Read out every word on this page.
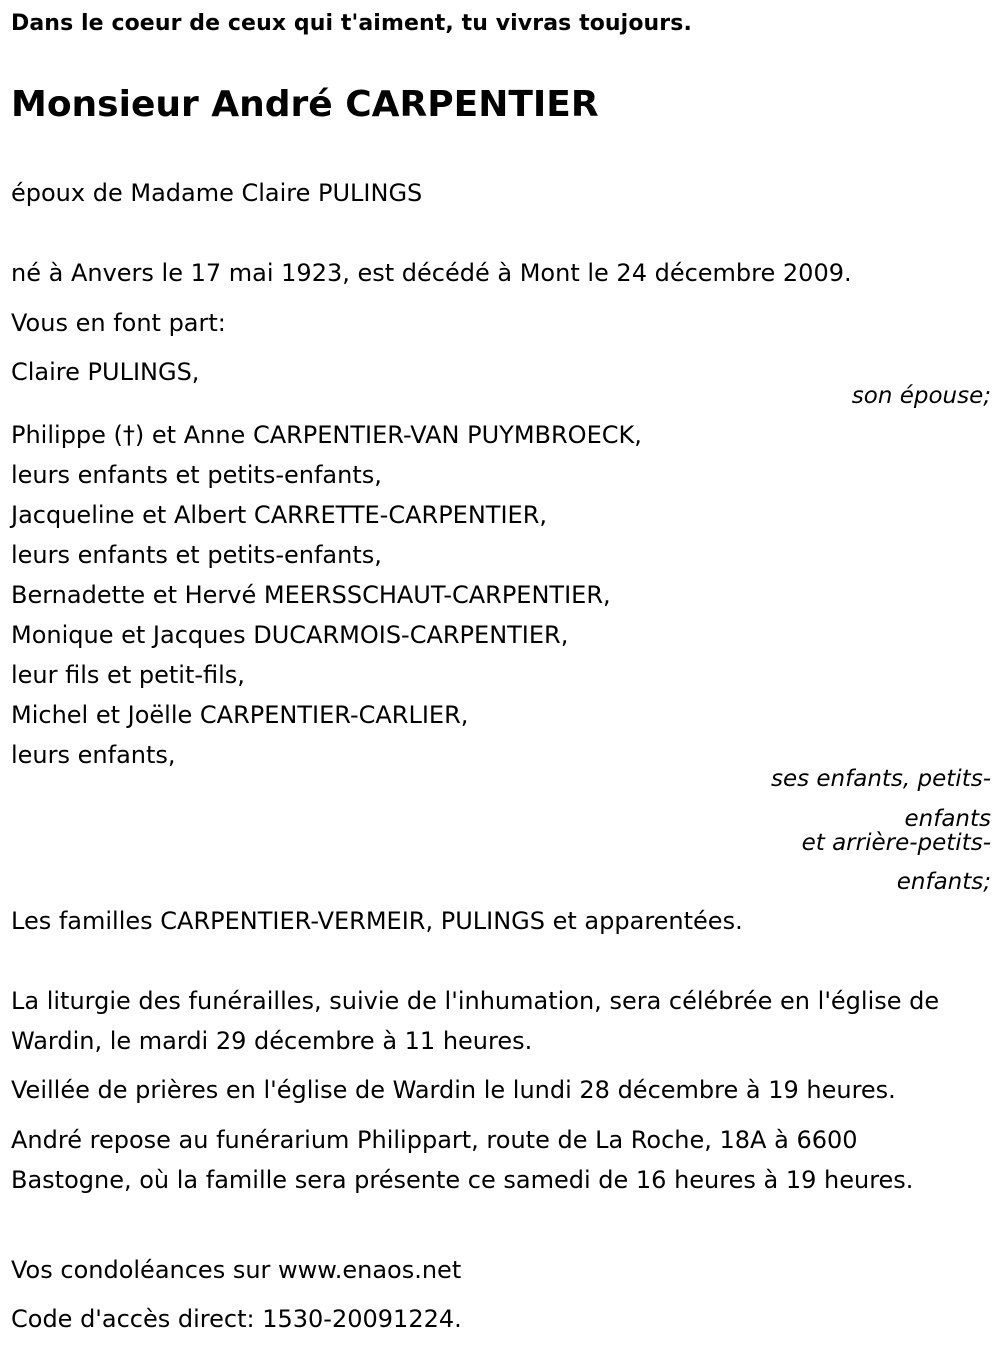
Dans le coeur de ceux qui t'aiment, tu vivras toujours.
Monsieur André CARPENTIER
époux de Madame Claire PULINGS
né à Anvers le 17 mai 1923, est décédé à Mont le 24 décembre 2009.
Vous en font part:
Claire PULINGS,
son épouse;
Philippe (†) et Anne CARPENTIER-VAN PUYMBROECK,
leurs enfants et petits-enfants,
Jacqueline et Albert CARRETTE-CARPENTIER,
leurs enfants et petits-enfants,
Bernadette et Hervé MEERSSCHAUT-CARPENTIER,
Monique et Jacques DUCARMOIS-CARPENTIER,
leur fils et petit-fils,
Michel et Joëlle CARPENTIER-CARLIER,
leurs enfants,
ses enfants, petits-
enfants
et arrière-petits-
enfants;
Les familles CARPENTIER-VERMEIR, PULINGS et apparentées.
La liturgie des funérailles, suivie de l'inhumation, sera célébrée en l'église de Wardin, le mardi 29 décembre à 11 heures.
Veillée de prières en l'église de Wardin le lundi 28 décembre à 19 heures.
André repose au funérarium Philippart, route de La Roche, 18A à 6600 Bastogne, où la famille sera présente ce samedi de 16 heures à 19 heures.
Vos condoléances sur www.enaos.net
Code d'accès direct: 1530-20091224.
